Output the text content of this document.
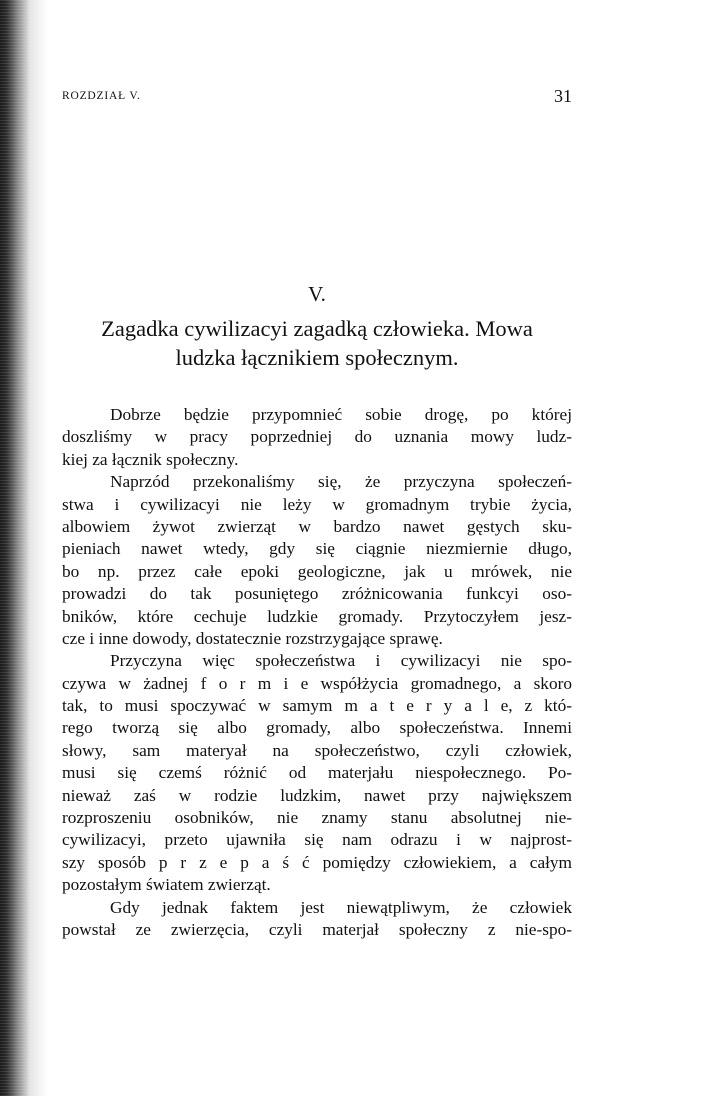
ROZDZIAŁ V.	31
V.
Zagadka cywilizacyi zagadką człowieka. Mowa
ludzka łącznikiem społecznym.
Dobrze będzie przypomnieć sobie drogę, po której
doszliśmy w pracy poprzedniej do uznania mowy ludz‐
kiej za łącznik społeczny.
Naprzód przekonaliśmy się, że przyczyna społeczeń‐
stwa i cywilizacyi nie leży w gromadnym trybie życia,
albowiem żywot zwierząt w bardzo nawet gęstych sku‐
pieniach nawet wtedy, gdy się ciągnie niezmiernie długo,
bo np. przez całe epoki geologiczne, jak u mrówek, nie
prowadzi do tak posuniętego zróżnicowania funkcyi oso‐
bników, które cechuje ludzkie gromady. Przytoczyłem jesz‐
cze i inne dowody, dostatecznie rozstrzygające sprawę.
Przyczyna więc społeczeństwa i cywilizacyi nie spo‐
czywa w żadnej f o r m i e współżycia gromadnego, a skoro
tak, to musi spoczywać w samym m a t e r y a l e, z któ‐
rego tworzą się albo gromady, albo społeczeństwa. Innemi
słowy, sam materyał na społeczeństwo, czyli człowiek,
musi się czemś różnić od materjału niespołecznego. Po‐
nieważ zaś w rodzie ludzkim, nawet przy największem
rozproszeniu osobników, nie znamy stanu absolutnej nie‐
cywilizacyi, przeto ujawniła się nam odrazu i w najprost‐
szy sposób p r z e p a ś ć pomiędzy człowiekiem, a całym
pozostałym światem zwierząt.
Gdy jednak faktem jest niewątpliwym, że człowiek
powstał ze zwierzęcia, czyli materjał społeczny z nie‐spo‐
